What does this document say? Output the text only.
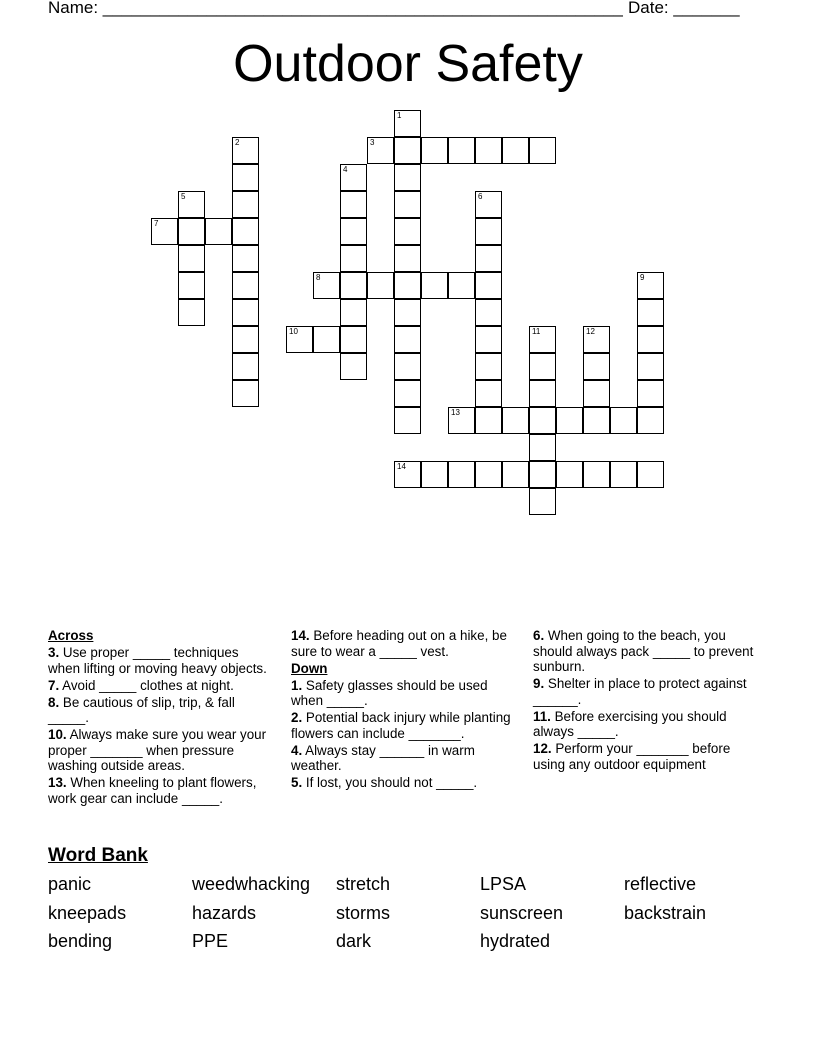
Name: _______________________________________________________ Date: _______
Outdoor Safety
3
7
8
10
13
14
1
2
4
5	6
9
11	12

Across

3. Use proper _____ techniques when lifting or moving heavy objects.

7. Avoid _____ clothes at night.

8. Be cautious of slip, trip, & fall _____.

10. Always make sure you wear your proper _______ when pressure washing outside areas.

13. When kneeling to plant flowers, work gear can include _____.

14. Before heading out on a hike, be sure to wear a _____ vest.

Down

1. Safety glasses should be used when _____.

2. Potential back injury while planting flowers can include _______.

4. Always stay ______ in warm weather.

5. If lost, you should not _____.

6. When going to the beach, you should always pack _____ to prevent sunburn.

9. Shelter in place to protect against ______.

11. Before exercising you should always _____.

12. Perform your _______ before using any outdoor equipment

Word Bank
panic	weedwhacking stretch	LPSA	reflective
kneepads	hazards	storms	sunscreen	backstrain
bending	PPE	dark	hydrated
